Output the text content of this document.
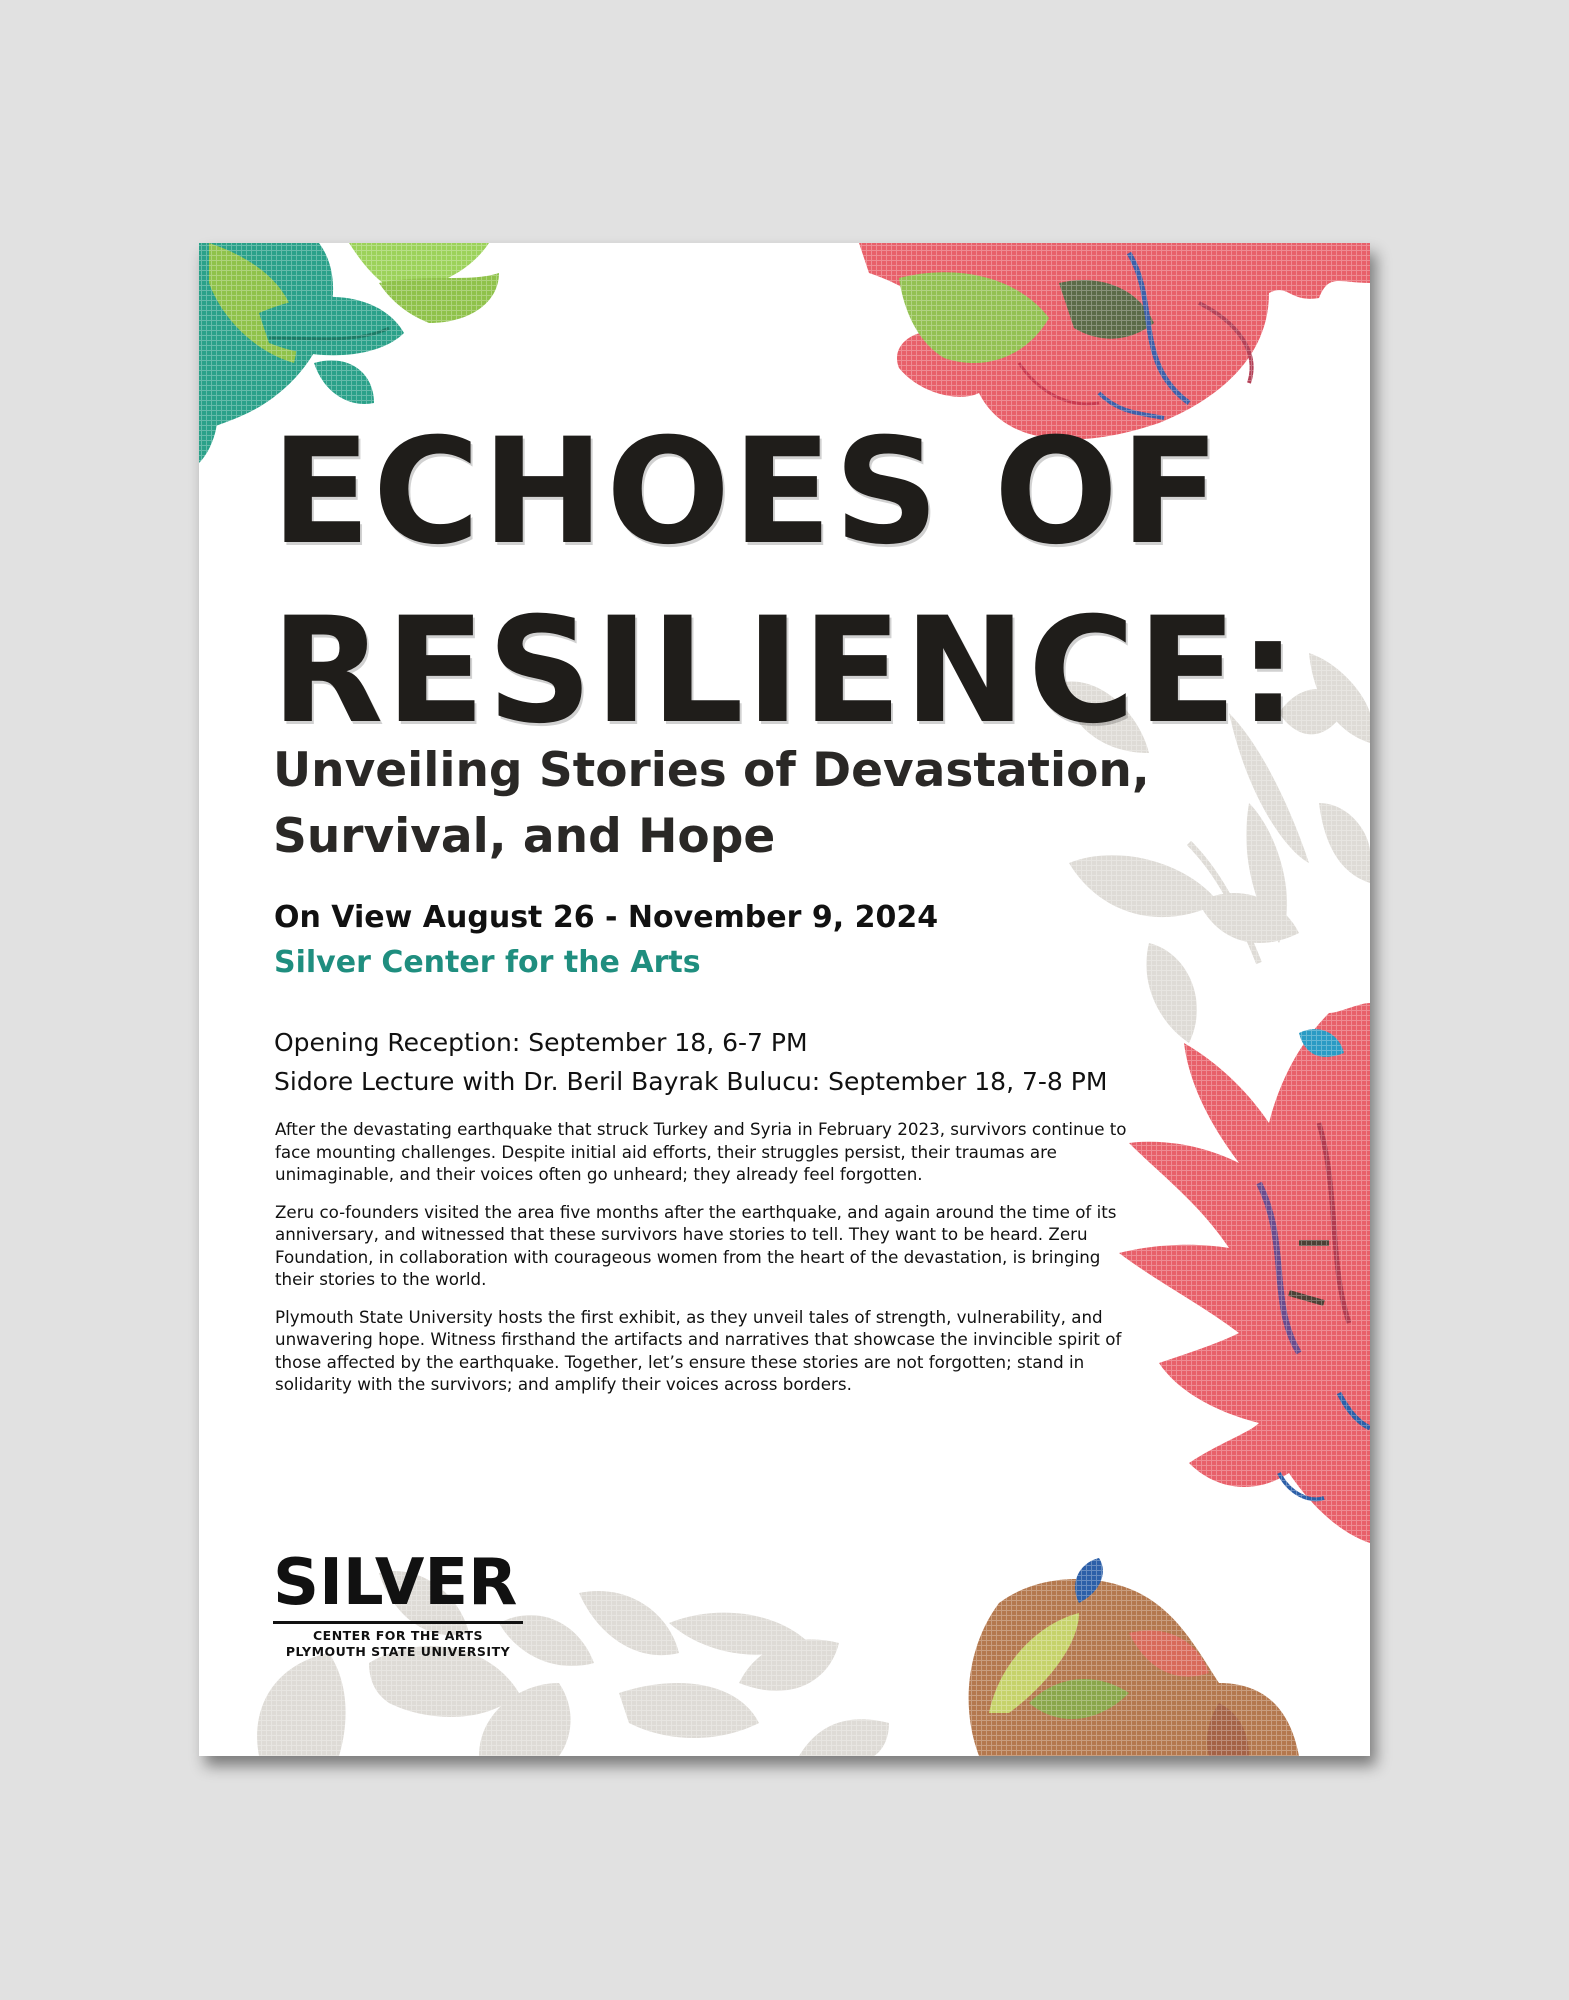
ECHOES OF
RESILIENCE:
Unveiling Stories of Devastation,
Survival, and Hope
On View August 26 - November 9, 2024
Silver Center for the Arts
Opening Reception: September 18, 6-7 PM
Sidore Lecture with Dr. Beril Bayrak Bulucu: September 18, 7-8 PM

After the devastating earthquake that struck Turkey and Syria in February 2023, survivors continue to face mounting challenges. Despite initial aid efforts, their struggles persist, their traumas are unimaginable, and their voices often go unheard; they already feel forgotten.

Zeru co-founders visited the area five months after the earthquake, and again around the time of its anniversary, and witnessed that these survivors have stories to tell. They want to be heard. Zeru Foundation, in collaboration with courageous women from the heart of the devastation, is bringing their stories to the world.

Plymouth State University hosts the first exhibit, as they unveil tales of strength, vulnerability, and unwavering hope. Witness firsthand the artifacts and narratives that showcase the invincible spirit of those affected by the earthquake. Together, let’s ensure these stories are not forgotten; stand in solidarity with the survivors; and amplify their voices across borders.

SILVER
CENTER FOR THE ARTS
PLYMOUTH STATE UNIVERSITY
